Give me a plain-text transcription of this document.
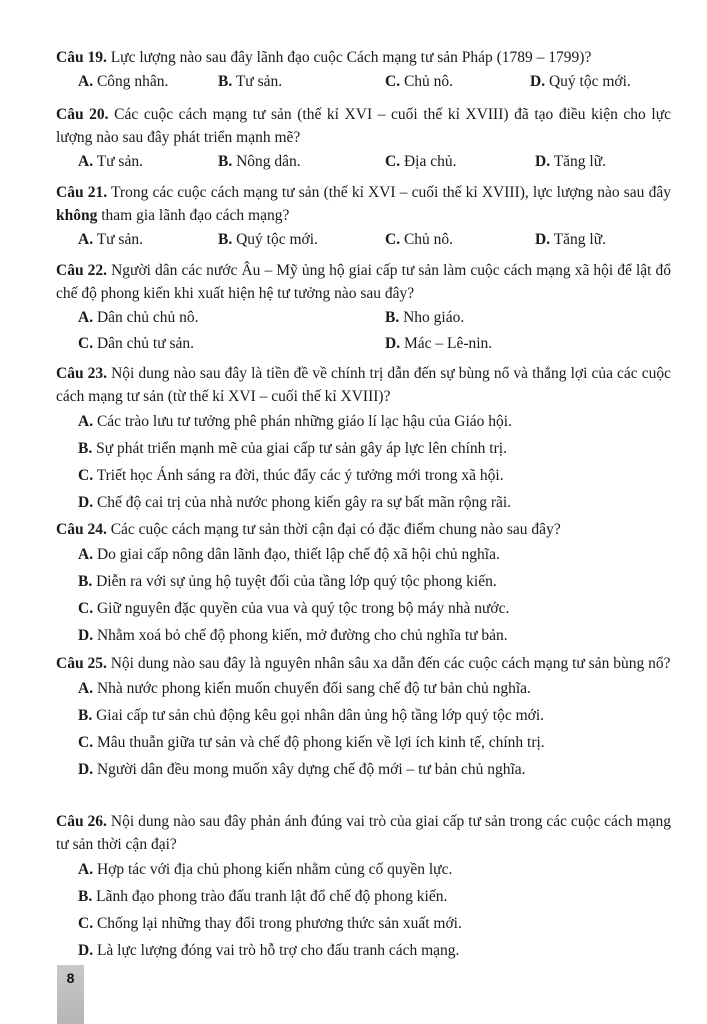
Câu 19. Lực lượng nào sau đây lãnh đạo cuộc Cách mạng tư sản Pháp (1789 – 1799)?
A. Công nhân.	B. Tư sản.	C. Chủ nô.	D. Quý tộc mới.
Câu 20. Các cuộc cách mạng tư sản (thế kỉ XVI – cuối thế kỉ XVIII) đã tạo điều kiện cho lực lượng nào sau đây phát triển mạnh mẽ?
A. Tư sản.	B. Nông dân.	C. Địa chủ.	D. Tăng lữ.
Câu 21. Trong các cuộc cách mạng tư sản (thế kỉ XVI – cuối thế kỉ XVIII), lực lượng nào sau đây không tham gia lãnh đạo cách mạng?
A. Tư sản.	B. Quý tộc mới.	C. Chủ nô.	D. Tăng lữ.
Câu 22. Người dân các nước Âu – Mỹ ủng hộ giai cấp tư sản làm cuộc cách mạng xã hội để lật đổ chế độ phong kiến khi xuất hiện hệ tư tưởng nào sau đây?
A. Dân chủ chủ nô.	B. Nho giáo.
C. Dân chủ tư sản.	D. Mác – Lê-nin.
Câu 23. Nội dung nào sau đây là tiền đề về chính trị dẫn đến sự bùng nổ và thắng lợi của các cuộc cách mạng tư sản (từ thế kỉ XVI – cuối thế kỉ XVIII)?
A. Các trào lưu tư tưởng phê phán những giáo lí lạc hậu của Giáo hội.
B. Sự phát triển mạnh mẽ của giai cấp tư sản gây áp lực lên chính trị.
C. Triết học Ánh sáng ra đời, thúc đẩy các ý tưởng mới trong xã hội.
D. Chế độ cai trị của nhà nước phong kiến gây ra sự bất mãn rộng rãi.
Câu 24. Các cuộc cách mạng tư sản thời cận đại có đặc điểm chung nào sau đây?
A. Do giai cấp nông dân lãnh đạo, thiết lập chế độ xã hội chủ nghĩa.
B. Diễn ra với sự ủng hộ tuyệt đối của tầng lớp quý tộc phong kiến.
C. Giữ nguyên đặc quyền của vua và quý tộc trong bộ máy nhà nước.
D. Nhằm xoá bỏ chế độ phong kiến, mở đường cho chủ nghĩa tư bản.
Câu 25. Nội dung nào sau đây là nguyên nhân sâu xa dẫn đến các cuộc cách mạng tư sản bùng nổ?
A. Nhà nước phong kiến muốn chuyển đổi sang chế độ tư bản chủ nghĩa.
B. Giai cấp tư sản chủ động kêu gọi nhân dân ủng hộ tầng lớp quý tộc mới.
C. Mâu thuẫn giữa tư sản và chế độ phong kiến về lợi ích kinh tế, chính trị.
D. Người dân đều mong muốn xây dựng chế độ mới – tư bản chủ nghĩa.
Câu 26. Nội dung nào sau đây phản ánh đúng vai trò của giai cấp tư sản trong các cuộc cách mạng tư sản thời cận đại?
A. Hợp tác với địa chủ phong kiến nhằm củng cố quyền lực.
B. Lãnh đạo phong trào đấu tranh lật đổ chế độ phong kiến.
C. Chống lại những thay đổi trong phương thức sản xuất mới.
D. Là lực lượng đóng vai trò hỗ trợ cho đấu tranh cách mạng.
8
